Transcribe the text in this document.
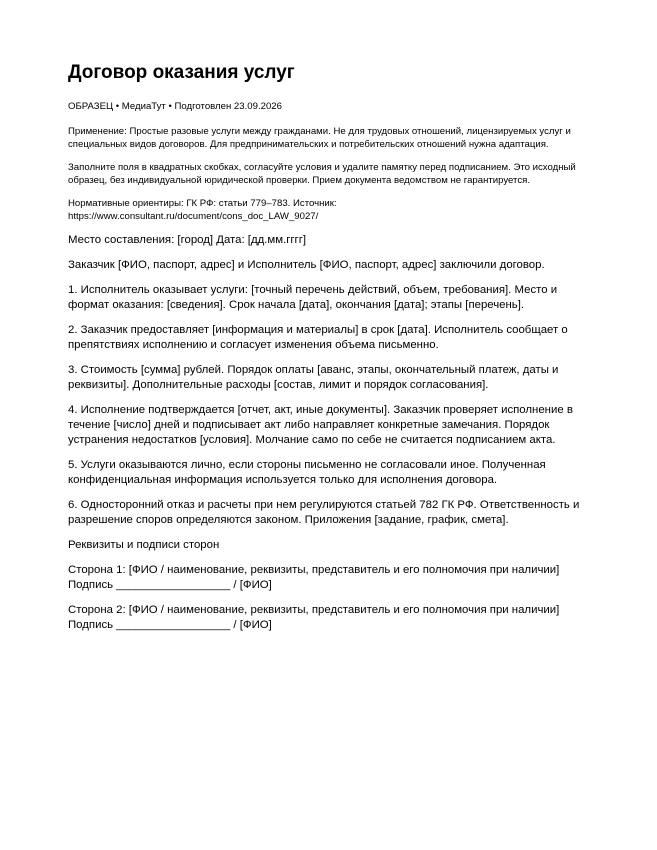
Договор оказания услуг

ОБРАЗЕЦ • МедиаТут • Подготовлен 23.09.2026

Применение: Простые разовые услуги между гражданами. Не для трудовых отношений, лицензируемых услуг и специальных видов договоров. Для предпринимательских и потребительских отношений нужна адаптация.

Заполните поля в квадратных скобках, согласуйте условия и удалите памятку перед подписанием. Это исходный образец, без индивидуальной юридической проверки. Прием документа ведомством не гарантируется.

Нормативные ориентиры: ГК РФ: статьи 779–783. Источник:
https://www.consultant.ru/document/cons_doc_LAW_9027/

Место составления: [город] Дата: [дд.мм.гггг]

Заказчик [ФИО, паспорт, адрес] и Исполнитель [ФИО, паспорт, адрес] заключили договор.

1. Исполнитель оказывает услуги: [точный перечень действий, объем, требования]. Место и формат оказания: [сведения]. Срок начала [дата], окончания [дата]; этапы [перечень].

2. Заказчик предоставляет [информация и материалы] в срок [дата]. Исполнитель сообщает о препятствиях исполнению и согласует изменения объема письменно.

3. Стоимость [сумма] рублей. Порядок оплаты [аванс, этапы, окончательный платеж, даты и реквизиты]. Дополнительные расходы [состав, лимит и порядок согласования].

4. Исполнение подтверждается [отчет, акт, иные документы]. Заказчик проверяет исполнение в течение [число] дней и подписывает акт либо направляет конкретные замечания. Порядок устранения недостатков [условия]. Молчание само по себе не считается подписанием акта.

5. Услуги оказываются лично, если стороны письменно не согласовали иное. Полученная конфиденциальная информация используется только для исполнения договора.

6. Односторонний отказ и расчеты при нем регулируются статьей 782 ГК РФ. Ответственность и разрешение споров определяются законом. Приложения [задание, график, смета].

Реквизиты и подписи сторон

Сторона 1: [ФИО / наименование, реквизиты, представитель и его полномочия при наличии]
Подпись __________________ / [ФИО]

Сторона 2: [ФИО / наименование, реквизиты, представитель и его полномочия при наличии]
Подпись __________________ / [ФИО]
